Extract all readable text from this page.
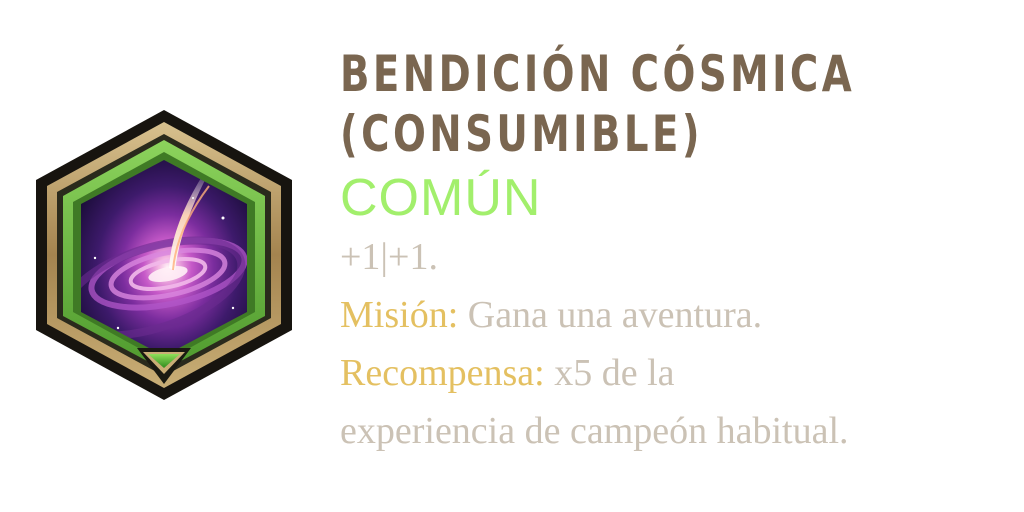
BENDICIÓN CÓSMICA
(CONSUMIBLE)
COMÚN
+1|+1.
Misión: Gana una aventura.
Recompensa: x5 de la
experiencia de campeón habitual.
